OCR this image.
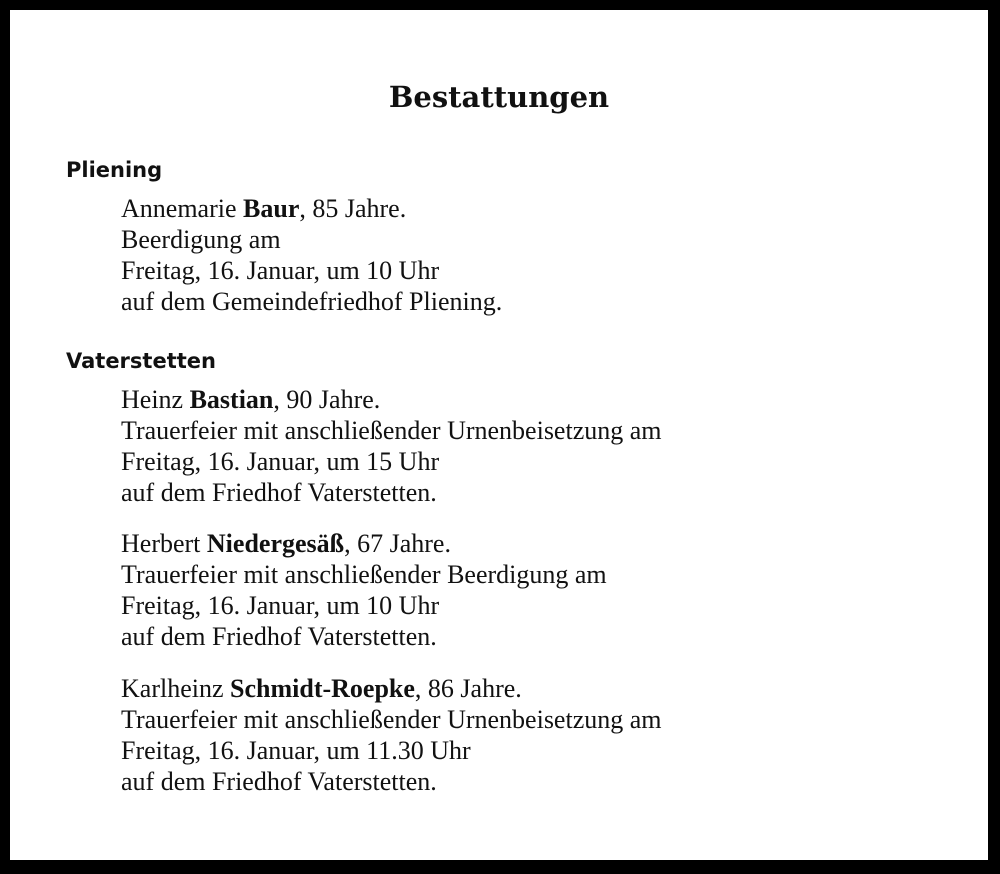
Bestattungen
Pliening
Annemarie Baur, 85 Jahre.
Beerdigung am
Freitag, 16. Januar, um 10 Uhr
auf dem Gemeindefriedhof Pliening.
Vaterstetten
Heinz Bastian, 90 Jahre.
Trauerfeier mit anschließender Urnenbeisetzung am
Freitag, 16. Januar, um 15 Uhr
auf dem Friedhof Vaterstetten.
Herbert Niedergesäß, 67 Jahre.
Trauerfeier mit anschließender Beerdigung am
Freitag, 16. Januar, um 10 Uhr
auf dem Friedhof Vaterstetten.
Karlheinz Schmidt-Roepke, 86 Jahre.
Trauerfeier mit anschließender Urnenbeisetzung am
Freitag, 16. Januar, um 11.30 Uhr
auf dem Friedhof Vaterstetten.
